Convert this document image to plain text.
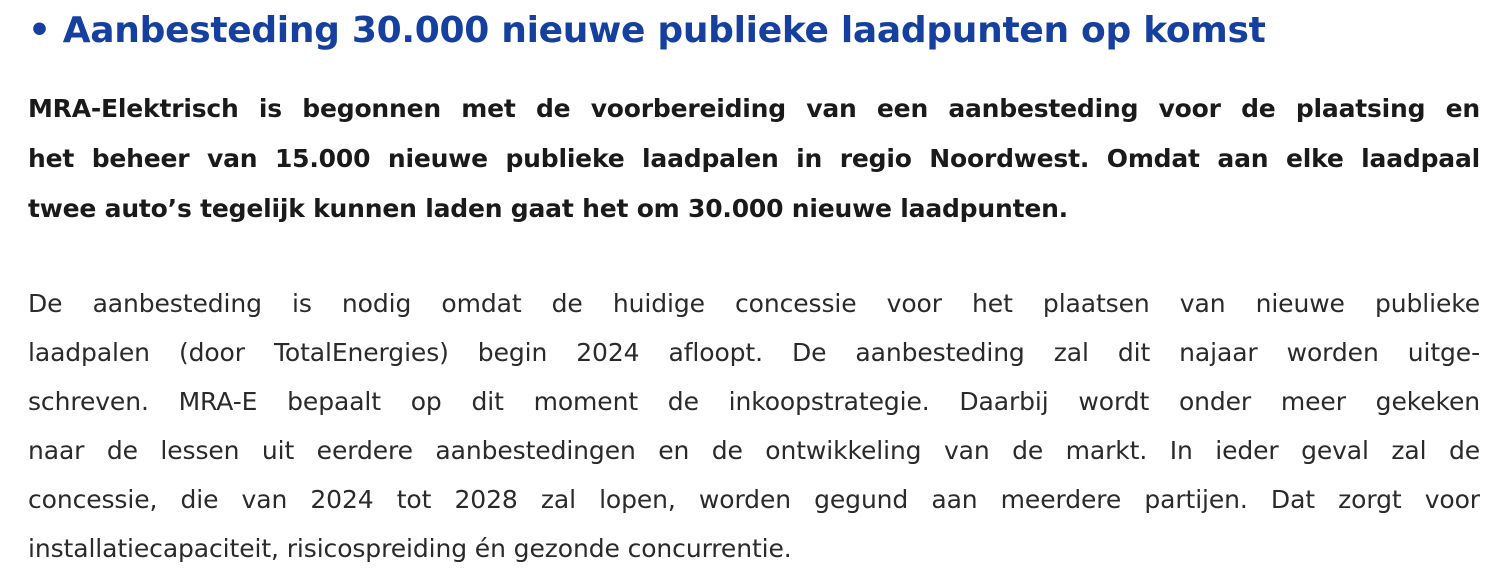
• Aanbesteding 30.000 nieuwe publieke laadpunten op komst

MRA-Elektrisch is begonnen met de voorbereiding van een aanbesteding voor de plaatsing en
het beheer van 15.000 nieuwe publieke laadpalen in regio Noordwest. Omdat aan elke laadpaal
twee auto’s tegelijk kunnen laden gaat het om 30.000 nieuwe laadpunten.

De aanbesteding is nodig omdat de huidige concessie voor het plaatsen van nieuwe publieke
laadpalen (door TotalEnergies) begin 2024 afloopt. De aanbesteding zal dit najaar worden uitge-
schreven. MRA-E bepaalt op dit moment de inkoopstrategie. Daarbij wordt onder meer gekeken
naar de lessen uit eerdere aanbestedingen en de ontwikkeling van de markt. In ieder geval zal de
concessie, die van 2024 tot 2028 zal lopen, worden gegund aan meerdere partijen. Dat zorgt voor
installatiecapaciteit, risicospreiding én gezonde concurrentie.
